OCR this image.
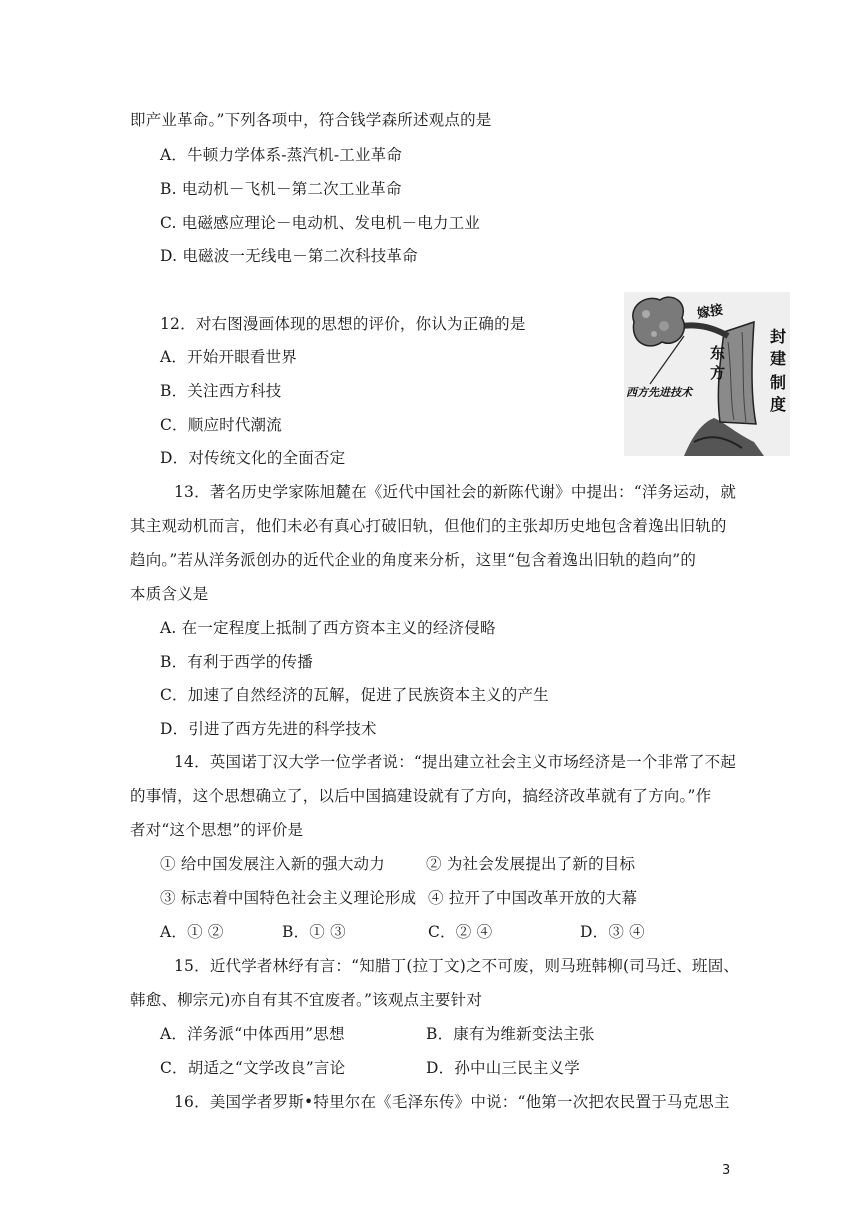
即产业革命。”下列各项中，符合钱学森所述观点的是
A．牛顿力学体系-蒸汽机-工业革命
B. 电动机－飞机－第二次工业革命
C. 电磁感应理论－电动机、发电机－电力工业
D. 电磁波一无线电－第二次科技革命
12．对右图漫画体现的思想的评价，你认为正确的是
A．开始开眼看世界
B．关注西方科技
C．顺应时代潮流
D．对传统文化的全面否定
嫁接
东
方
封
建
制
度
西方先进技术
13．著名历史学家陈旭麓在《近代中国社会的新陈代谢》中提出：“洋务运动，就
其主观动机而言，他们未必有真心打破旧轨，但他们的主张却历史地包含着逸出旧轨的
趋向。”若从洋务派创办的近代企业的角度来分析，这里“包含着逸出旧轨的趋向”的
本质含义是
A. 在一定程度上抵制了西方资本主义的经济侵略
B．有利于西学的传播
C．加速了自然经济的瓦解，促进了民族资本主义的产生
D．引进了西方先进的科学技术
14．英国诺丁汉大学一位学者说：“提出建立社会主义市场经济是一个非常了不起
的事情，这个思想确立了，以后中国搞建设就有了方向，搞经济改革就有了方向。”作
者对“这个思想”的评价是
① 给中国发展注入新的强大动力	② 为社会发展提出了新的目标
③ 标志着中国特色社会主义理论形成 ④ 拉开了中国改革开放的大幕
A．① ②	B．① ③	C．② ④	D．③ ④
15．近代学者林纾有言：“知腊丁(拉丁文)之不可废，则马班韩柳(司马迁、班固、
韩愈、柳宗元)亦自有其不宜废者。”该观点主要针对
A．洋务派“中体西用”思想	B．康有为维新变法主张
C．胡适之“文学改良”言论	D．孙中山三民主义学
16．美国学者罗斯•特里尔在《毛泽东传》中说：“他第一次把农民置于马克思主
3
